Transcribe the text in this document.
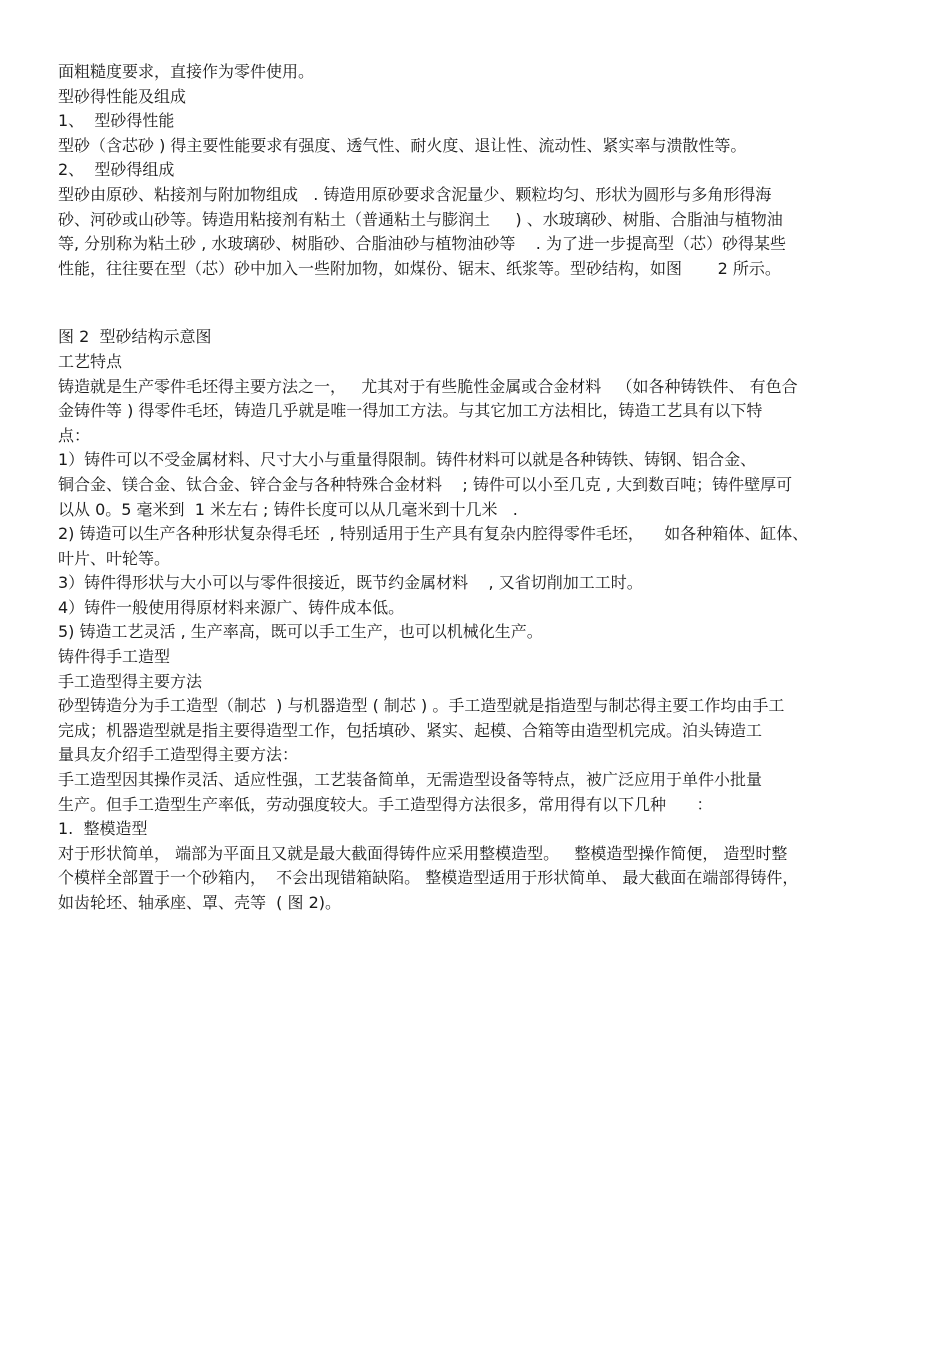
面粗糙度要求，直接作为零件使用。
型砂得性能及组成
1、  型砂得性能
型砂（含芯砂 ) 得主要性能要求有强度、透气性、耐火度、退让性、流动性、紧实率与溃散性等。
2、  型砂得组成
型砂由原砂、粘接剂与附加物组成   . 铸造用原砂要求含泥量少、颗粒均匀、形状为圆形与多角形得海
砂、河砂或山砂等。铸造用粘接剂有粘土（普通粘土与膨润土     ) 、水玻璃砂、树脂、合脂油与植物油
等, 分别称为粘土砂 , 水玻璃砂、树脂砂、合脂油砂与植物油砂等    . 为了进一步提高型（芯）砂得某些
性能，往往要在型（芯）砂中加入一些附加物，如煤份、锯末、纸浆等。型砂结构，如图       2 所示。
图 2  型砂结构示意图
工艺特点
铸造就是生产零件毛坯得主要方法之一，   尤其对于有些脆性金属或合金材料   （如各种铸铁件、 有色合
金铸件等 ) 得零件毛坯，铸造几乎就是唯一得加工方法。与其它加工方法相比，铸造工艺具有以下特
点：
1）铸件可以不受金属材料、尺寸大小与重量得限制。铸件材料可以就是各种铸铁、铸钢、铝合金、
铜合金、镁合金、钛合金、锌合金与各种特殊合金材料    ; 铸件可以小至几克 , 大到数百吨；铸件壁厚可
以从 0。5 毫米到  1 米左右 ; 铸件长度可以从几毫米到十几米   .
2) 铸造可以生产各种形状复杂得毛坯  , 特别适用于生产具有复杂内腔得零件毛坯，    如各种箱体、缸体、
叶片、叶轮等。
3）铸件得形状与大小可以与零件很接近，既节约金属材料    , 又省切削加工工时。
4）铸件一般使用得原材料来源广、铸件成本低。
5) 铸造工艺灵活 , 生产率高，既可以手工生产，也可以机械化生产。
铸件得手工造型
手工造型得主要方法
砂型铸造分为手工造型（制芯  ) 与机器造型 ( 制芯 ) 。手工造型就是指造型与制芯得主要工作均由手工
完成；机器造型就是指主要得造型工作，包括填砂、紧实、起模、合箱等由造型机完成。泊头铸造工
量具友介绍手工造型得主要方法：
手工造型因其操作灵活、适应性强，工艺装备简单，无需造型设备等特点，被广泛应用于单件小批量
生产。但手工造型生产率低，劳动强度较大。手工造型得方法很多，常用得有以下几种      ：
1.  整模造型
对于形状简单， 端部为平面且又就是最大截面得铸件应采用整模造型。   整模造型操作简便， 造型时整
个模样全部置于一个砂箱内，  不会出现错箱缺陷。 整模造型适用于形状简单、 最大截面在端部得铸件，
如齿轮坯、轴承座、罩、壳等  ( 图 2)。
